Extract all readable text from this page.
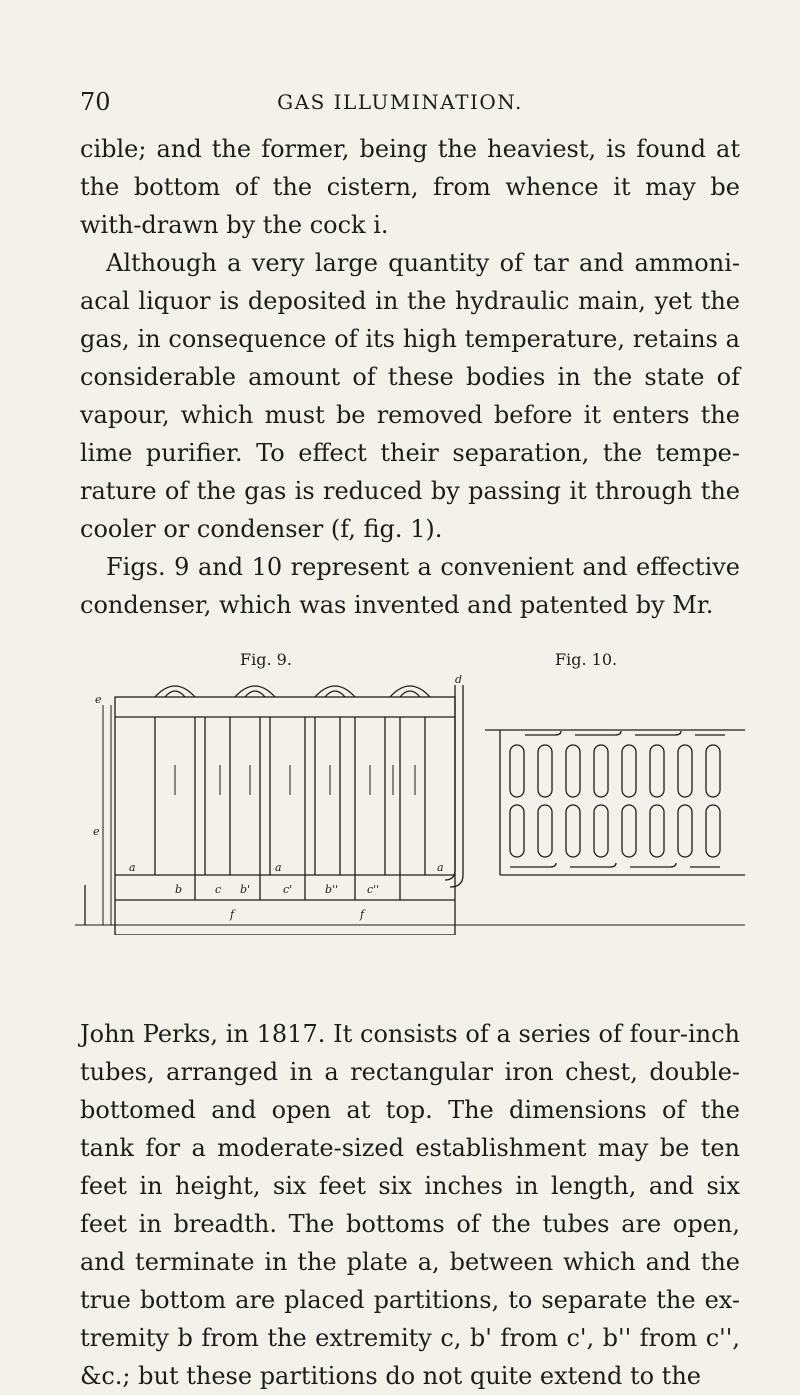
70	GAS ILLUMINATION.

cible; and the former, being the heaviest, is found at the bottom of the cistern, from whence it may be with-drawn by the cock i.

Although a very large quantity of tar and ammoni-acal liquor is deposited in the hydraulic main, yet the gas, in consequence of its high temperature, retains a considerable amount of these bodies in the state of vapour, which must be removed before it enters the lime purifier. To effect their separation, the tempe-rature of the gas is reduced by passing it through the cooler or condenser (f, fig. 1).

Figs. 9 and 10 represent a convenient and effective condenser, which was invented and patented by Mr.

Fig. 9.	Fig. 10.
d
e
e
a	a	a
b	c b'	c'	b''	c''
f	f

John Perks, in 1817. It consists of a series of four-inch tubes, arranged in a rectangular iron chest, double-bottomed and open at top. The dimensions of the tank for a moderate-sized establishment may be ten feet in height, six feet six inches in length, and six feet in breadth. The bottoms of the tubes are open, and terminate in the plate a, between which and the true bottom are placed partitions, to separate the ex-tremity b from the extremity c, b' from c', b'' from c'', &c.; but these partitions do not quite extend to the
